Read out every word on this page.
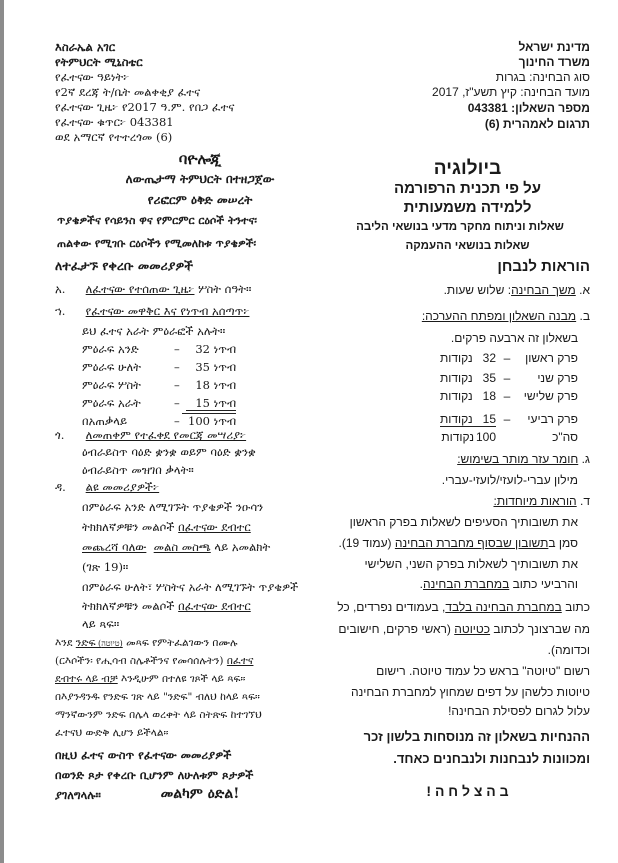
እስራኤል አገር
የትምህርት ሚኒስቴር
የፈተናው ዓይነት፦
የ2ኛ ደረጃ ት/ቤት መልቀቂያ ፈተና
የፈተናው ጊዜ፦ የ2017 ዓ.ም. የበጋ ፈተና
የፈተናው ቁጥር፦ 043381
ወደ አማርኛ የተተረጎመ (6)
ባዮሎጂ
ለውጤታማ ትምህርት በተዘጋጀው
የሪፎርም ዕቅድ መሠረት
ጥያቄዎችና የሳይንስ ዋና የምርምር ርዕሶች ትንተና፡
ጠልቀው የሚገቡ ርዕሶችን የሚመለከቱ ጥያቄዎች፡
ለተፈታኙ የቀረቡ መመሪያዎች
አ. ለፈተናው የተሰጠው ጊዜ፦ ሦስት ሰዓት።
ኀ. የፈተናው መዋቅር እና የነጥብ አሰጣጥ፦
ይህ ፈተና አራት ምዕራፎች አሉት።
ምዕራፍ አንድ	– 32 ነጥብ
ምዕራፍ ሁለት	– 35 ነጥብ
ምዕራፍ ሦስት	– 18 ነጥብ
ምዕራፍ አራት	– 15 ነጥብ
በአጠቃላይ	– 100 ነጥብ
ጎ. ለመጠቀም የተፈቀደ የመርጃ መሣሪያ፦
ዕብራይስጥ ባዕድ ቋንቋ ወይም ባዕድ ቋንቋ
ዕብራይስጥ መዝገበ ቃላት።
ዳ. ልዩ መመሪያዎች፦
በምዕራፍ አንድ ለሚገኙት ጥያቄዎች ንዑሳን
ትክክለኛዎቹን መልሶች በፈተናው ደብተር
መጨረሻ ባለው መልስ መስጫ ላይ አመልክት
(ገጽ 19)።
በምዕራፍ ሁለት፣ ሦስትና አራት ለሚገኙት ጥያቄዎች
ትክክለኛዎቹን መልሶች በፈተናው ደብተር
ላይ ጻፍ።
እንደ ንድፍ (טיוטה) መጻፍ የምትፈልገውን በሙሉ
(ርእሶችን፡ የሒሳብ ስሌቶችንና የመሳሰሉትን) በፈተና
ደብተሩ ላይ ብቻ እንዲሁም በተለዩ ገጾች ላይ ጻፍ።
በእያንዳንዱ የንድፍ ገጽ ላይ "ንድፍ" ብለህ ከላይ ጻፍ።
ማንኛውንም ንድፍ በሌላ ወረቀት ላይ ስትጽፍ ከተገኘህ
ፈተናህ ውድቅ ሊሆን ይችላል።
በዚህ ፈተና ውስጥ የፈተናው መመሪያዎች
በወንድ ጾታ የቀረቡ ቢሆንም ለሁለቱም ጾታዎች
ያገለግላሉ።	መልካም ዕድል!
מדינת ישראל
משרד החינוך
סוג הבחינה: בגרות
מועד הבחינה: קיץ תשע"ז, 2017
מספר השאלון: 043381
תרגום לאמהרית (6)
ביולוגיה
על פי תכנית הרפורמה
ללמידה משמעותית
שאלות וניתוח מחקר מדעי בנושאי הליבה
שאלות בנושאי ההעמקה
הוראות לנבחן
א. משך הבחינה: שלוש שעות.
ב. מבנה השאלון ומפתח ההערכה:
בשאלון זה ארבעה פרקים.
פרק ראשון–32 נקודות
פרק שני–35 נקודות
פרק שלישי–18 נקודות
פרק רביעי–15 נקודות
סה"כ100נקודות
ג. חומר עזר מותר בשימוש:
מילון עברי-לועזי/לועזי-עברי.
ד. הוראות מיוחדות:
את תשובותיך הסעיפים לשאלות בפרק הראשון
סמן בתשובון שבסוף מחברת הבחינה (עמוד 19).
את תשובותיך לשאלות בפרק השני, השלישי
והרביעי כתוב במחברת הבחינה.
כתוב במחברת הבחינה בלבד, בעמודים נפרדים, כל
מה שברצונך לכתוב כטיוטה (ראשי פרקים, חישובים
וכדומה).
רשום "טיוטה" בראש כל עמוד טיוטה. רישום
טיוטות כלשהן על דפים שמחוץ למחברת הבחינה
עלול לגרום לפסילת הבחינה!
ההנחיות בשאלון זה מנוסחות בלשון זכר
ומכוונות לנבחנות ולנבחנים כאחד.
ב ה צ ל ח ה !
